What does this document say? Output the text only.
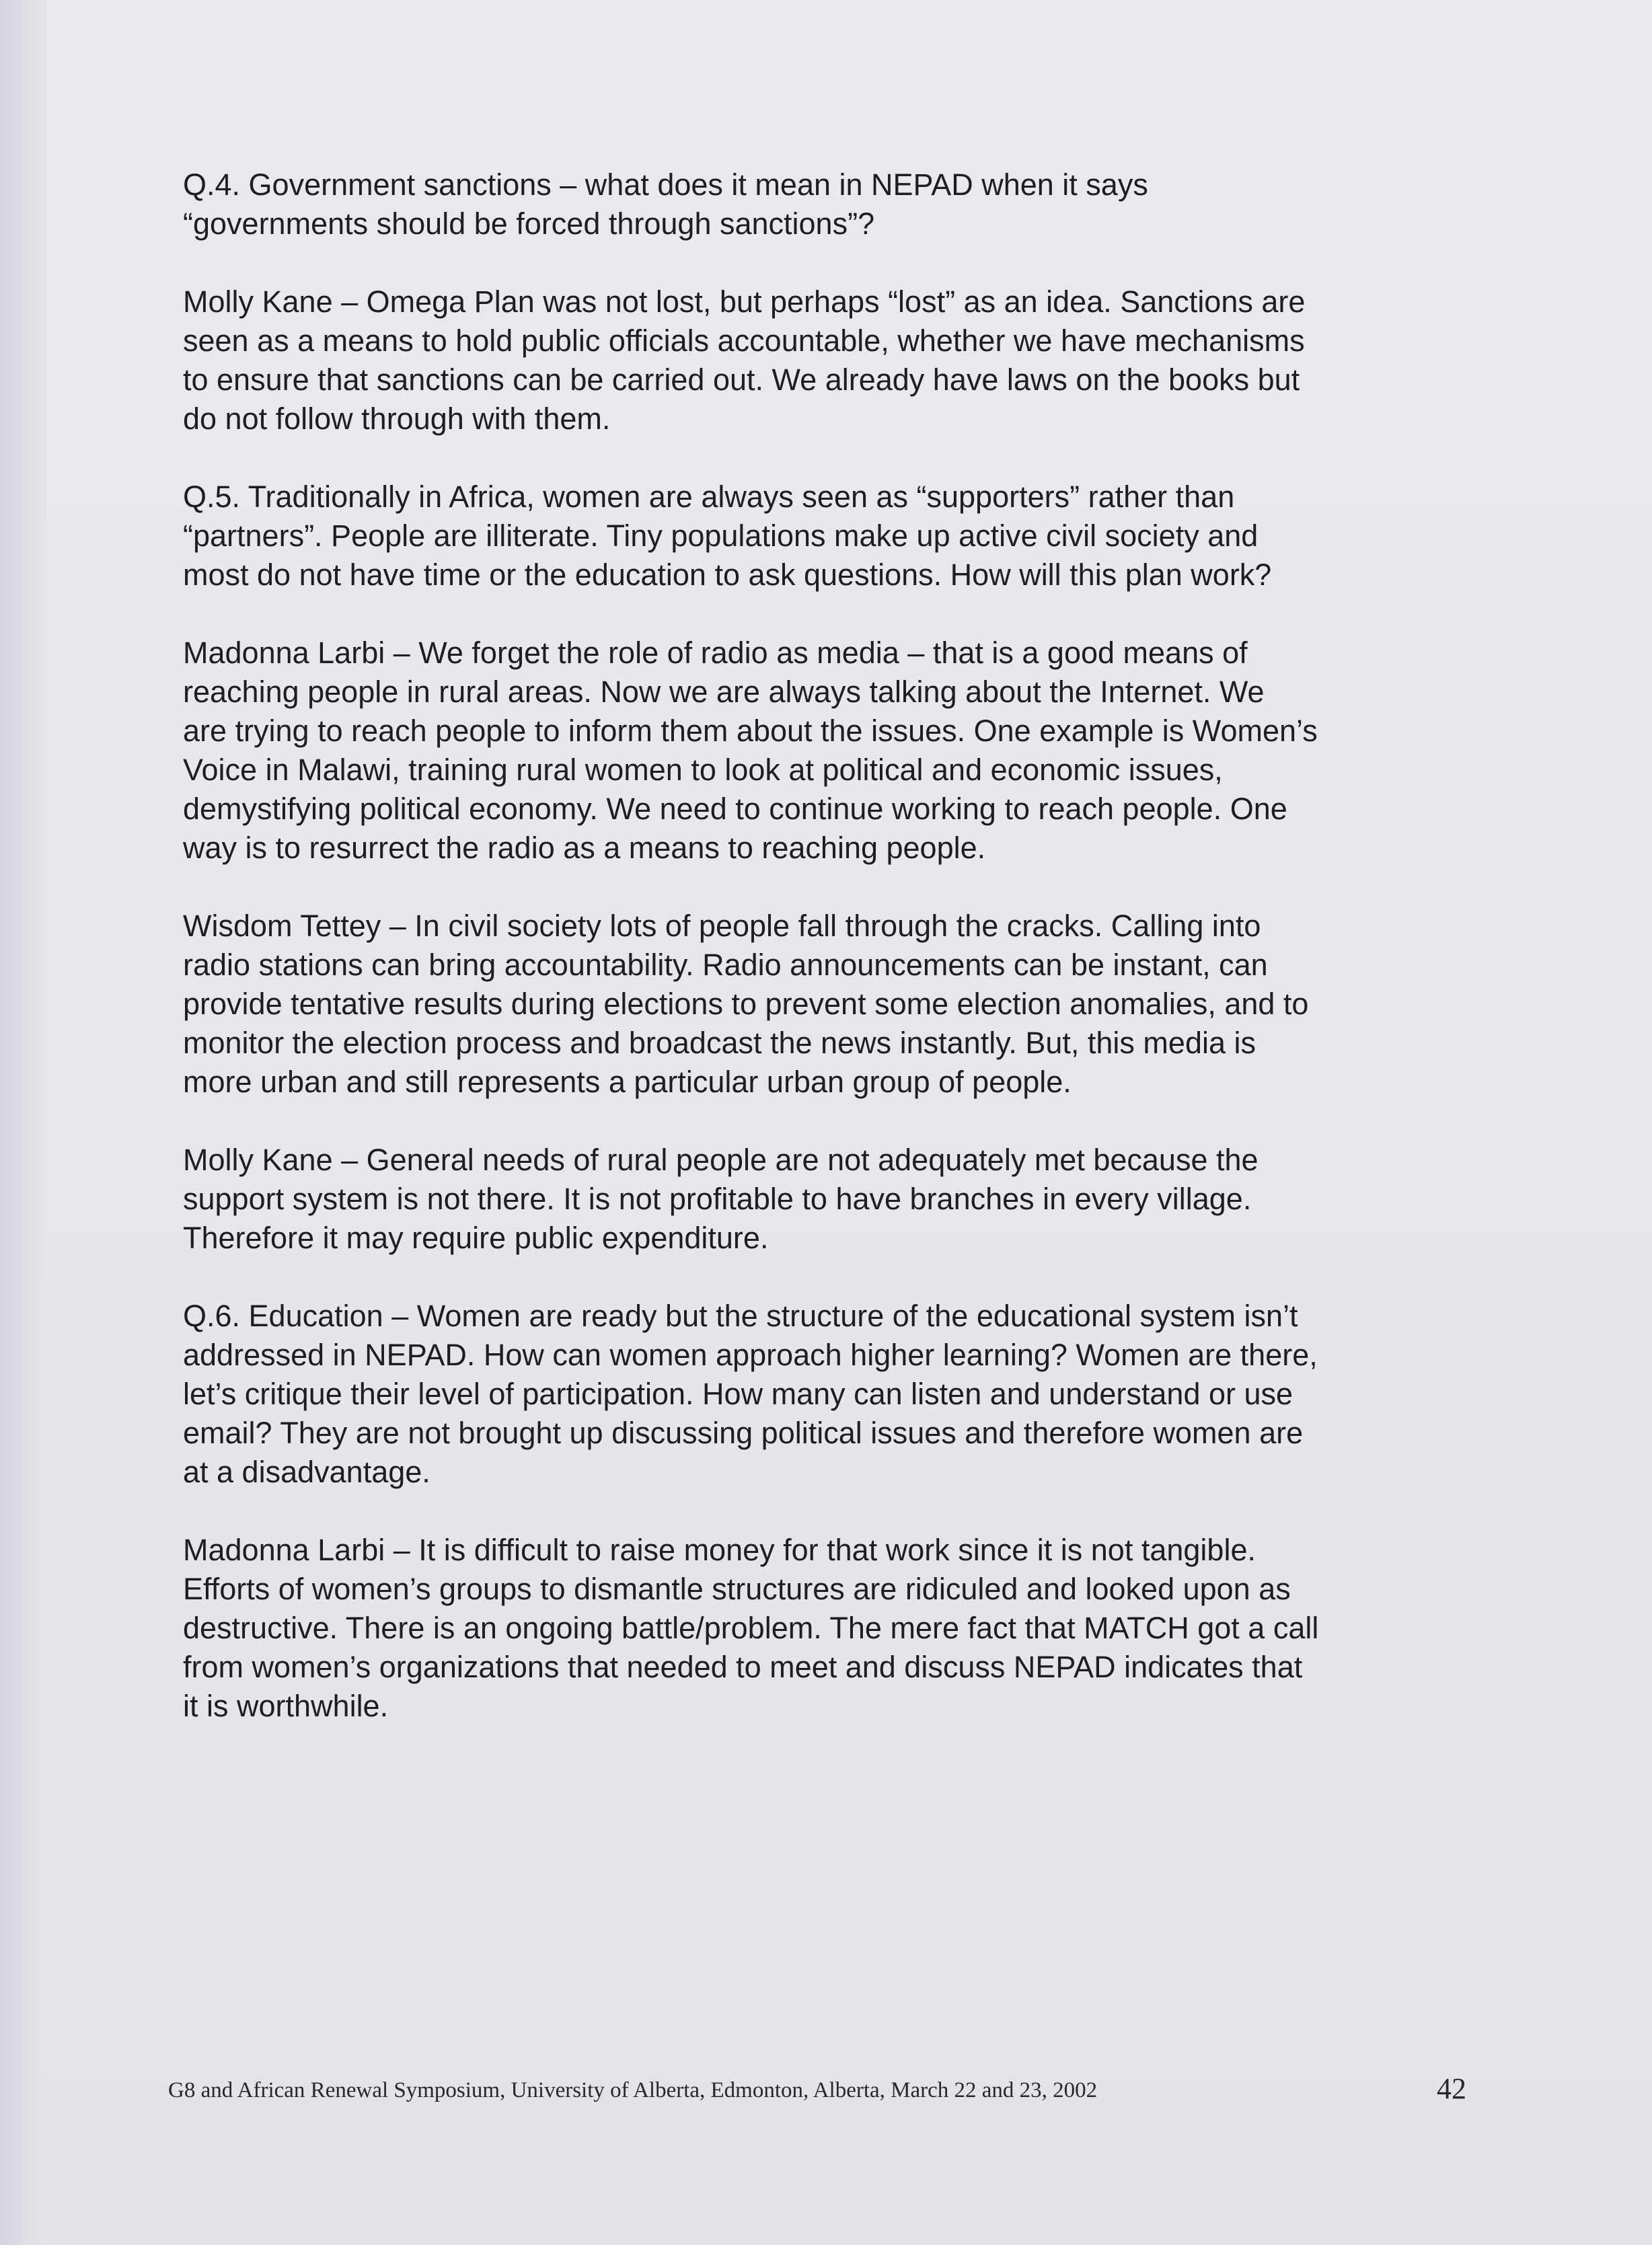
Q.4. Government sanctions – what does it mean in NEPAD when it says
“governments should be forced through sanctions”?

Molly Kane – Omega Plan was not lost, but perhaps “lost” as an idea. Sanctions are
seen as a means to hold public officials accountable, whether we have mechanisms
to ensure that sanctions can be carried out. We already have laws on the books but
do not follow through with them.

Q.5. Traditionally in Africa, women are always seen as “supporters” rather than
“partners”. People are illiterate. Tiny populations make up active civil society and
most do not have time or the education to ask questions. How will this plan work?

Madonna Larbi – We forget the role of radio as media – that is a good means of
reaching people in rural areas. Now we are always talking about the Internet. We
are trying to reach people to inform them about the issues. One example is Women’s
Voice in Malawi, training rural women to look at political and economic issues,
demystifying political economy. We need to continue working to reach people. One
way is to resurrect the radio as a means to reaching people.

Wisdom Tettey – In civil society lots of people fall through the cracks. Calling into
radio stations can bring accountability. Radio announcements can be instant, can
provide tentative results during elections to prevent some election anomalies, and to
monitor the election process and broadcast the news instantly. But, this media is
more urban and still represents a particular urban group of people.

Molly Kane – General needs of rural people are not adequately met because the
support system is not there. It is not profitable to have branches in every village.
Therefore it may require public expenditure.

Q.6. Education – Women are ready but the structure of the educational system isn’t
addressed in NEPAD. How can women approach higher learning? Women are there,
let’s critique their level of participation. How many can listen and understand or use
email? They are not brought up discussing political issues and therefore women are
at a disadvantage.

Madonna Larbi – It is difficult to raise money for that work since it is not tangible.
Efforts of women’s groups to dismantle structures are ridiculed and looked upon as
destructive. There is an ongoing battle/problem. The mere fact that MATCH got a call
from women’s organizations that needed to meet and discuss NEPAD indicates that
it is worthwhile.

G8 and African Renewal Symposium, University of Alberta, Edmonton, Alberta, March 22 and 23, 2002	42
